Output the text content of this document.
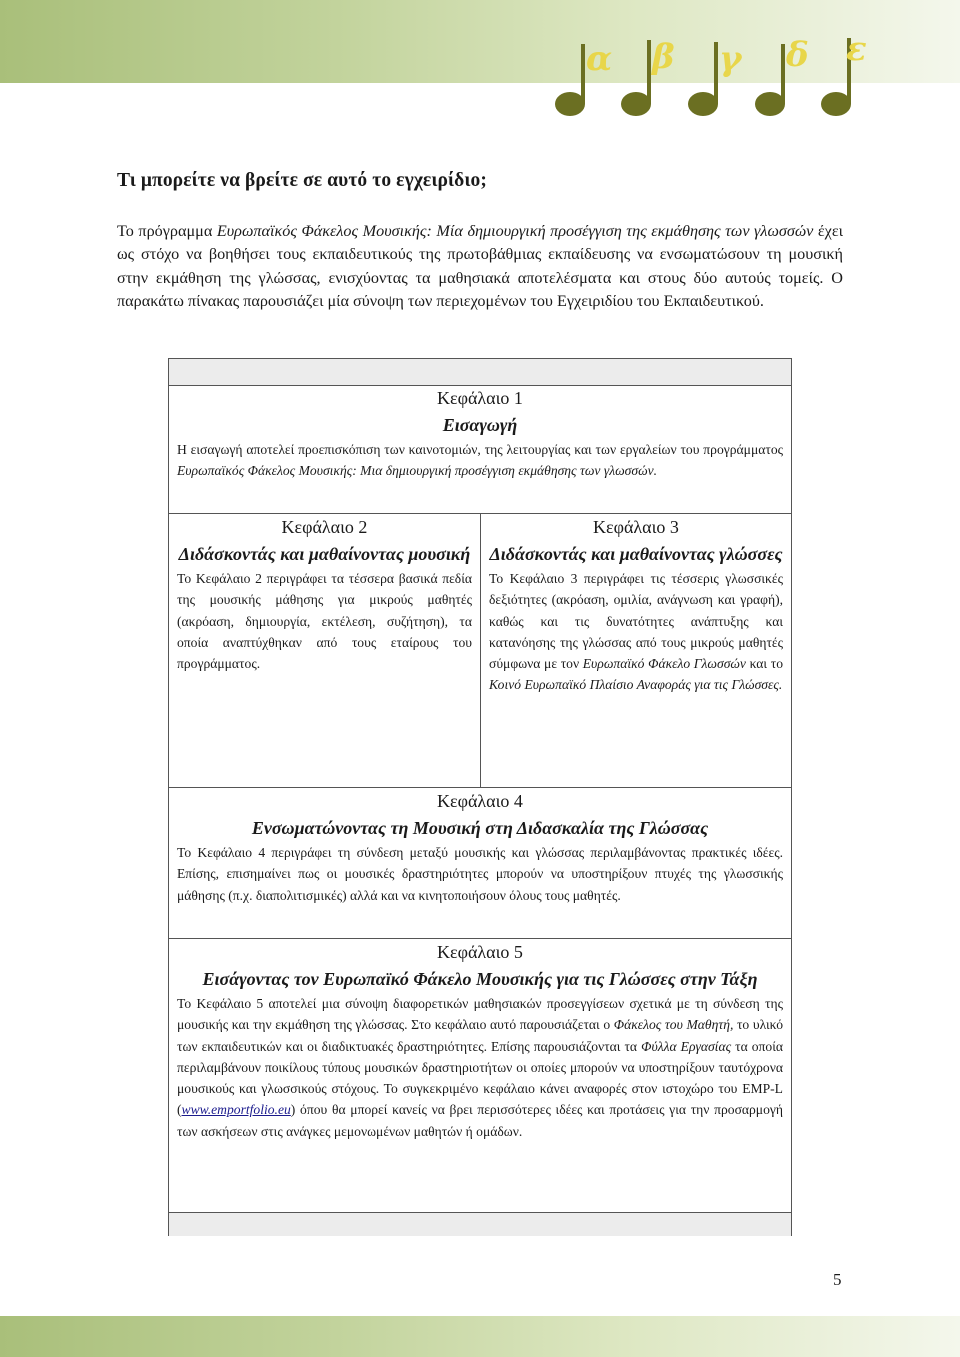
α β γ δ ε
Τι μπορείτε να βρείτε σε αυτό το εγχειρίδιο;

Το πρόγραμμα Ευρωπαϊκός Φάκελος Μουσικής: Μία δημιουργική προσέγγιση της εκμάθησης των γλωσσών έχει ως στόχο να βοηθήσει τους εκπαιδευτικούς της πρωτοβάθμιας εκπαίδευσης να ενσωματώσουν τη μουσική στην εκμάθηση της γλώσσας, ενισχύοντας τα μαθησιακά αποτελέσματα και στους δύο αυτούς τομείς. Ο παρακάτω πίνακας παρουσιάζει μία σύνοψη των περιεχομένων του Εγχειριδίου του Εκπαιδευτικού.

Κεφάλαιο 1

Εισαγωγή

Η εισαγωγή αποτελεί προεπισκόπιση των καινοτομιών, της λειτουργίας και των εργαλείων του προγράμματος Ευρωπαϊκός Φάκελος Μουσικής: Μια δημιουργική προσέγγιση εκμάθησης των γλωσσών.

Κεφάλαιο 2

Διδάσκοντάς και μαθαίνοντας μουσική

Το Κεφάλαιο 2 περιγράφει τα τέσσερα βασικά πεδία της μουσικής μάθησης για μικρούς μαθητές (ακρόαση, δημιουργία, εκτέλεση, συζήτηση), τα οποία αναπτύχθηκαν από τους εταίρους του προγράμματος.

Κεφάλαιο 3

Διδάσκοντάς και μαθαίνοντας γλώσσες

Το Κεφάλαιο 3 περιγράφει τις τέσσερις γλωσσικές δεξιότητες (ακρόαση, ομιλία, ανάγνωση και γραφή), καθώς και τις δυνατότητες ανάπτυξης και κατανόησης της γλώσσας από τους μικρούς μαθητές σύμφωνα με τον Ευρωπαϊκό Φάκελο Γλωσσών και το Κοινό Ευρωπαϊκό Πλαίσιο Αναφοράς για τις Γλώσσες.

Κεφάλαιο 4

Ενσωματώνοντας τη Μουσική στη Διδασκαλία της Γλώσσας

Το Κεφάλαιο 4 περιγράφει τη σύνδεση μεταξύ μουσικής και γλώσσας περιλαμβάνοντας πρακτικές ιδέες. Επίσης, επισημαίνει πως οι μουσικές δραστηριότητες μπορούν να υποστηρίξουν πτυχές της γλωσσικής μάθησης (π.χ. διαπολιτισμικές) αλλά και να κινητοποιήσουν όλους τους μαθητές.

Κεφάλαιο 5

Εισάγοντας τον Ευρωπαϊκό Φάκελο Μουσικής για τις Γλώσσες στην Τάξη

Το Κεφάλαιο 5 αποτελεί μια σύνοψη διαφορετικών μαθησιακών προσεγγίσεων σχετικά με τη σύνδεση της μουσικής και την εκμάθηση της γλώσσας. Στο κεφάλαιο αυτό παρουσιάζεται ο Φάκελος του Μαθητή, το υλικό των εκπαιδευτικών και οι διαδικτυακές δραστηριότητες. Επίσης παρουσιάζονται τα Φύλλα Εργασίας τα οποία περιλαμβάνουν ποικίλους τύπους μουσικών δραστηριοτήτων οι οποίες μπορούν να υποστηρίξουν ταυτόχρονα μουσικούς και γλωσσικούς στόχους. Το συγκεκριμένο κεφάλαιο κάνει αναφορές στον ιστοχώρο του EMP-L (www.emportfolio.eu) όπου θα μπορεί κανείς να βρει περισσότερες ιδέες και προτάσεις για την προσαρμογή των ασκήσεων στις ανάγκες μεμονωμένων μαθητών ή ομάδων.

5
